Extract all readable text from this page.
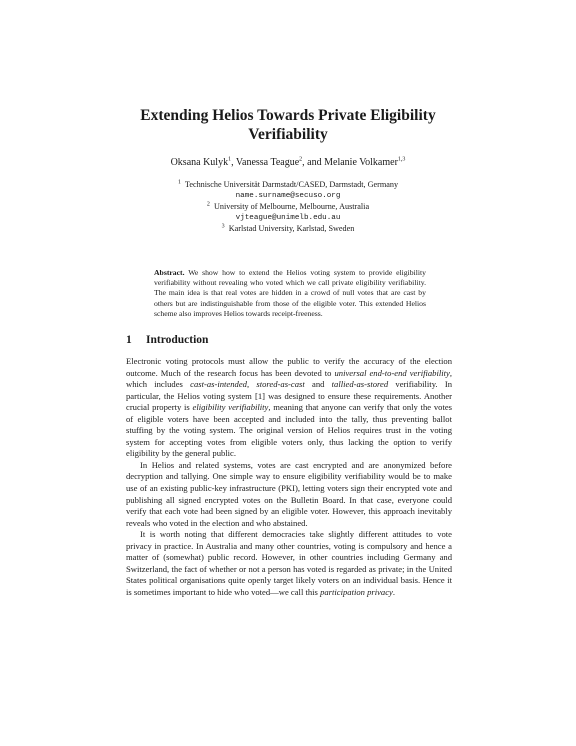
Extending Helios Towards Private Eligibility Verifiability
Oksana Kulyk$^1$, Vanessa Teague$^2$, and Melanie Volkamer$^{1,3}$
$^1$ Technische Universität Darmstadt/CASED, Darmstadt, Germany
name.surname@secuso.org
$^2$ University of Melbourne, Melbourne, Australia
vjteague@unimelb.edu.au
$^3$ Karlstad University, Karlstad, Sweden
Abstract. We show how to extend the Helios voting system to provide eligibility verifiability without revealing who voted which we call private eligibility verifiability. The main idea is that real votes are hidden in a crowd of null votes that are cast by others but are indistinguishable from those of the eligible voter. This extended Helios scheme also improves Helios towards receipt-freeness.
1 Introduction

Electronic voting protocols must allow the public to verify the accuracy of the election outcome. Much of the research focus has been devoted to universal end-to-end verifiability, which includes cast-as-intended, stored-as-cast and tallied-as-stored verifiability. In particular, the Helios voting system [1] was designed to ensure these requirements. Another crucial property is eligibility verifiability, meaning that anyone can verify that only the votes of eligible voters have been accepted and included into the tally, thus preventing ballot stuffing by the voting system. The original version of Helios requires trust in the voting system for accepting votes from eligible voters only, thus lacking the option to verify eligibility by the general public.

In Helios and related systems, votes are cast encrypted and are anonymized before decryption and tallying. One simple way to ensure eligibility verifiability would be to make use of an existing public-key infrastructure (PKI), letting voters sign their encrypted vote and publishing all signed encrypted votes on the Bulletin Board. In that case, everyone could verify that each vote had been signed by an eligible voter. However, this approach inevitably reveals who voted in the election and who abstained.

It is worth noting that different democracies take slightly different attitudes to vote privacy in practice. In Australia and many other countries, voting is compulsory and hence a matter of (somewhat) public record. However, in other countries including Germany and Switzerland, the fact of whether or not a person has voted is regarded as private; in the United States political organisations quite openly target likely voters on an individual basis. Hence it is sometimes important to hide who voted—we call this participation privacy.
